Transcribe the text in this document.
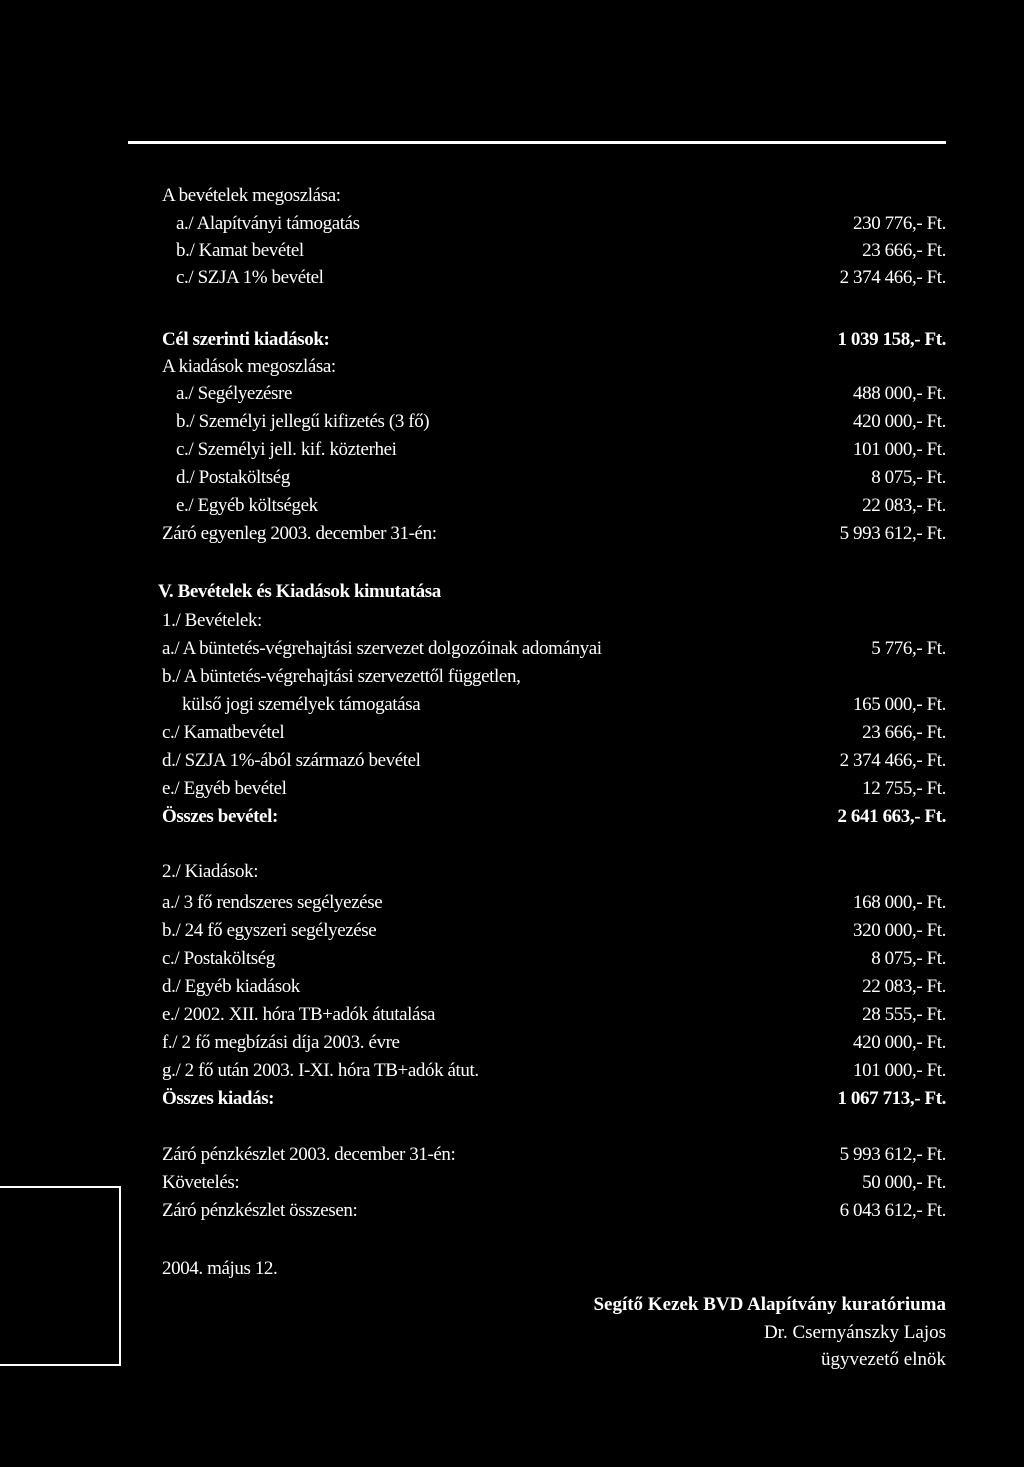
A bevételek megoszlása:
a./ Alapítványi támogatás	230 776,- Ft.
b./ Kamat bevétel	23 666,- Ft.
c./ SZJA 1% bevétel	2 374 466,- Ft.
Cél szerinti kiadások:	1 039 158,- Ft.
A kiadások megoszlása:
a./ Segélyezésre	488 000,- Ft.
b./ Személyi jellegű kifizetés (3 fő)	420 000,- Ft.
c./ Személyi jell. kif. közterhei	101 000,- Ft.
d./ Postaköltség	8 075,- Ft.
e./ Egyéb költségek	22 083,- Ft.
Záró egyenleg 2003. december 31-én:	5 993 612,- Ft.
V. Bevételek és Kiadások kimutatása
1./ Bevételek:
a./ A büntetés-végrehajtási szervezet dolgozóinak adományai	5 776,- Ft.
b./ A büntetés-végrehajtási szervezettől független,
külső jogi személyek támogatása	165 000,- Ft.
c./ Kamatbevétel	23 666,- Ft.
d./ SZJA 1%-ából származó bevétel	2 374 466,- Ft.
e./ Egyéb bevétel	12 755,- Ft.
Összes bevétel:	2 641 663,- Ft.
2./ Kiadások:
a./ 3 fő rendszeres segélyezése	168 000,- Ft.
b./ 24 fő egyszeri segélyezése	320 000,- Ft.
c./ Postaköltség	8 075,- Ft.
d./ Egyéb kiadások	22 083,- Ft.
e./ 2002. XII. hóra TB+adók átutalása	28 555,- Ft.
f./ 2 fő megbízási díja 2003. évre	420 000,- Ft.
g./ 2 fő után 2003. I-XI. hóra TB+adók átut.	101 000,- Ft.
Összes kiadás:	1 067 713,- Ft.
Záró pénzkészlet 2003. december 31-én:	5 993 612,- Ft.
Követelés:	50 000,- Ft.
Záró pénzkészlet összesen:	6 043 612,- Ft.
2004. május 12.
Segítő Kezek BVD Alapítvány kuratóriuma
Dr. Csernyánszky Lajos
ügyvezető elnök
